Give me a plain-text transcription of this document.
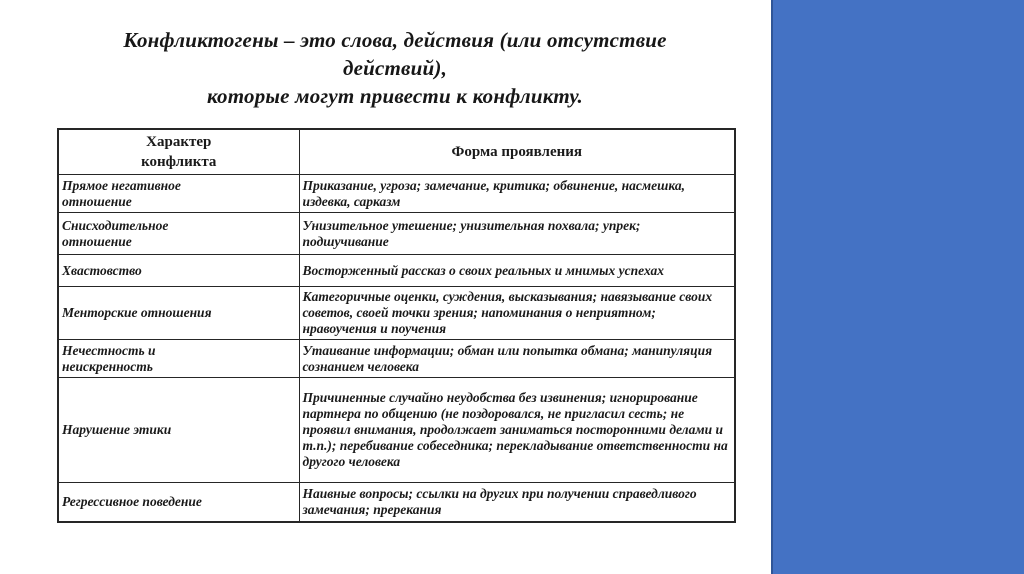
Конфликтогены – это слова, действия (или отсутствие
действий),
которые могут привести к конфликту.
Характер
конфликта	Форма проявления

Прямое негативное отношение	Приказание, угроза; замечание, критика; обвинение, насмешка, издевка, сарказм

Снисходительное отношение	Унизительное утешение; унизительная похвала; упрек; подшучивание

Хвастовство	Восторженный рассказ о своих реальных и мнимых успехах

Менторские отношения	Категоричные оценки, суждения, высказывания; навязывание своих советов, своей точки зрения; напоминания о неприятном; нравоучения и поучения

Нечестность и неискренность	Утаивание информации; обман или попытка обмана; манипуляция сознанием человека

Нарушение этики	Причиненные случайно неудобства без извинения; игнорирование партнера по общению (не поздоровался, не пригласил сесть; не проявил внимания, продолжает заниматься посторонними делами и т.п.); перебивание собеседника; перекладывание ответственности на другого человека

Регрессивное поведение	Наивные вопросы; ссылки на других при получении справедливого замечания; пререкания
